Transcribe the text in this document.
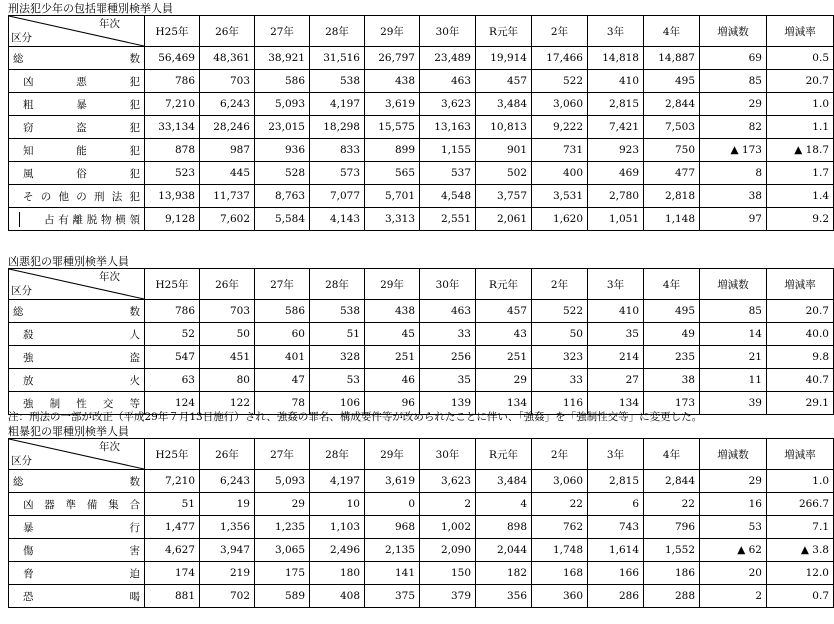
刑法犯少年の包括罪種別検挙人員
年次
区分	H25年	26年	27年	28年	29年	30年	R元年	2年	3年	4年	増減数	増減率

総数	56,469	48,361	38,921	31,516	26,797	23,489	19,914	17,466	14,818	14,887	69	0.5

凶悪犯	786	703	586	538	438	463	457	522	410	495	85	20.7

粗暴犯	7,210	6,243	5,093	4,197	3,619	3,623	3,484	3,060	2,815	2,844	29	1.0

窃盗犯	33,134	28,246	23,015	18,298	15,575	13,163	10,813	9,222	7,421	7,503	82	1.1

知能犯	878	987	936	833	899	1,155	901	731	923	750	▲ 173	▲ 18.7

風俗犯	523	445	528	573	565	537	502	400	469	477	8	1.7

その他の刑法犯	13,938	11,737	8,763	7,077	5,701	4,548	3,757	3,531	2,780	2,818	38	1.4

占有離脱物横領	9,128	7,602	5,584	4,143	3,313	2,551	2,061	1,620	1,051	1,148	97	9.2
凶悪犯の罪種別検挙人員
年次
区分	H25年	26年	27年	28年	29年	30年	R元年	2年	3年	4年	増減数	増減率

総数	786	703	586	538	438	463	457	522	410	495	85	20.7

殺人	52	50	60	51	45	33	43	50	35	49	14	40.0

強盗	547	451	401	328	251	256	251	323	214	235	21	9.8

放火	63	80	47	53	46	35	29	33	27	38	11	40.7

強制性交等	124	122	78	106	96	139	134	116	134	173	39	29.1
注：刑法の一部が改正（平成29年７月13日施行）され、強姦の罪名、構成要件等が改められたことに伴い、「強姦」を「強制性交等」に変更した。
粗暴犯の罪種別検挙人員
年次
区分	H25年	26年	27年	28年	29年	30年	R元年	2年	3年	4年	増減数	増減率

総数	7,210	6,243	5,093	4,197	3,619	3,623	3,484	3,060	2,815	2,844	29	1.0

凶器準備集合	51	19	29	10	0	2	4	22	6	22	16	266.7

暴行	1,477	1,356	1,235	1,103	968	1,002	898	762	743	796	53	7.1

傷害	4,627	3,947	3,065	2,496	2,135	2,090	2,044	1,748	1,614	1,552	▲ 62	▲ 3.8

脅迫	174	219	175	180	141	150	182	168	166	186	20	12.0

恐喝	881	702	589	408	375	379	356	360	286	288	2	0.7
